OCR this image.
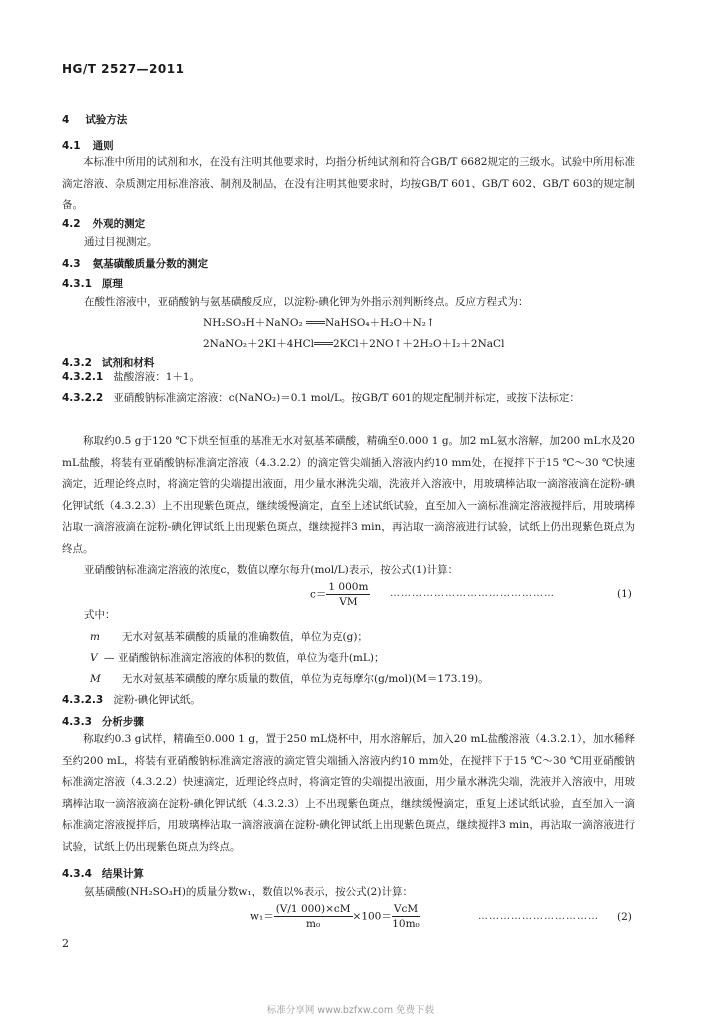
HG/T 2527—2011
4 试验方法
4.1 通则
本标准中所用的试剂和水，在没有注明其他要求时，均指分析纯试剂和符合GB/T 6682规定的三级水。试验中所用标准滴定溶液、杂质测定用标准溶液、制剂及制品，在没有注明其他要求时，均按GB/T 601、GB/T 602、GB/T 603的规定制备。
4.2 外观的测定
通过目视测定。
4.3 氨基磺酸质量分数的测定
4.3.1 原理
在酸性溶液中，亚硝酸钠与氨基磺酸反应，以淀粉-碘化钾为外指示剂判断终点。反应方程式为：
NH₂SO₃H＋NaNO₂ ═══NaHSO₄＋H₂O＋N₂↑
2NaNO₂＋2KI＋4HCl═══2KCl＋2NO↑＋2H₂O＋I₂＋2NaCl
4.3.2 试剂和材料
4.3.2.1 盐酸溶液：1＋1。
4.3.2.2 亚硝酸钠标准滴定溶液：c(NaNO₂)＝0.1 mol/L。按GB/T 601的规定配制并标定，或按下法标定：
称取约0.5 g于120 ℃下烘至恒重的基准无水对氨基苯磺酸，精确至0.000 1 g。加2 mL氨水溶解，加200 mL水及20 mL盐酸，将装有亚硝酸钠标准滴定溶液（4.3.2.2）的滴定管尖端插入溶液内约10 mm处，在搅拌下于15 ℃～30 ℃快速滴定，近理论终点时，将滴定管的尖端提出液面，用少量水淋洗尖端，洗液并入溶液中，用玻璃棒沾取一滴溶液滴在淀粉-碘化钾试纸（4.3.2.3）上不出现紫色斑点，继续缓慢滴定，直至上述试纸试验，直至加入一滴标准滴定溶液搅拌后，用玻璃棒沾取一滴溶液滴在淀粉-碘化钾试纸上出现紫色斑点，继续搅拌3 min，再沾取一滴溶液进行试验，试纸上仍出现紫色斑点为终点。
亚硝酸钠标准滴定溶液的浓度c，数值以摩尔每升(mol/L)表示，按公式(1)计算：
$c= \frac{1 000m}{VM}$ ………………………………………	(1)
式中：
m 无水对氨基苯磺酸的质量的准确数值，单位为克(g)；
V — 亚硝酸钠标准滴定溶液的体积的数值，单位为毫升(mL)；
M 无水对氨基苯磺酸的摩尔质量的数值，单位为克每摩尔(g/mol)(M＝173.19)。
4.3.2.3 淀粉-碘化钾试纸。
4.3.3 分析步骤
称取约0.3 g试样，精确至0.000 1 g，置于250 mL烧杯中，用水溶解后，加入20 mL盐酸溶液（4.3.2.1），加水稀释至约200 mL，将装有亚硝酸钠标准滴定溶液的滴定管尖端插入溶液内约10 mm处，在搅拌下于15 ℃～30 ℃用亚硝酸钠标准滴定溶液（4.3.2.2）快速滴定，近理论终点时，将滴定管的尖端提出液面，用少量水淋洗尖端，洗液并入溶液中，用玻璃棒沾取一滴溶液滴在淀粉-碘化钾试纸（4.3.2.3）上不出现紫色斑点，继续缓慢滴定，重复上述试纸试验，直至加入一滴标准滴定溶液搅拌后，用玻璃棒沾取一滴溶液滴在淀粉-碘化钾试纸上出现紫色斑点，继续搅拌3 min，再沾取一滴溶液进行试验，试纸上仍出现紫色斑点为终点。
4.3.4 结果计算
氨基磺酸(NH₂SO₃H)的质量分数w₁，数值以%表示，按公式(2)计算：
$w_1= \frac{(V/1 000)\times cM}{\text{m₀}} \times 100= \frac{\text{VcM}}{\text{10m₀}}$	…………………………… (2)
2
标准分享网 www.bzfxw.com 免费下载
